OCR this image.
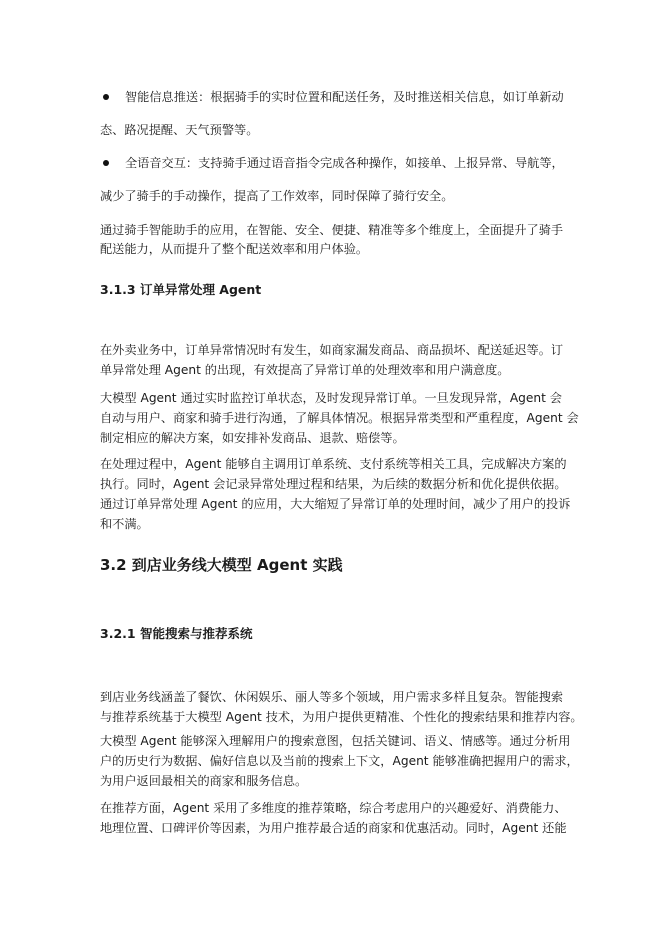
智能信息推送：根据骑手的实时位置和配送任务，及时推送相关信息，如订单新动
态、路况提醒、天气预警等。
全语音交互：支持骑手通过语音指令完成各种操作，如接单、上报异常、导航等，
减少了骑手的手动操作，提高了工作效率，同时保障了骑行安全。
通过骑手智能助手的应用，在智能、安全、便捷、精准等多个维度上，全面提升了骑手
配送能力，从而提升了整个配送效率和用户体验。
3.1.3 订单异常处理 Agent
在外卖业务中，订单异常情况时有发生，如商家漏发商品、商品损坏、配送延迟等。订
单异常处理 Agent 的出现，有效提高了异常订单的处理效率和用户满意度。
大模型 Agent 通过实时监控订单状态，及时发现异常订单。一旦发现异常，Agent 会
自动与用户、商家和骑手进行沟通，了解具体情况。根据异常类型和严重程度，Agent 会
制定相应的解决方案，如安排补发商品、退款、赔偿等。
在处理过程中，Agent 能够自主调用订单系统、支付系统等相关工具，完成解决方案的
执行。同时，Agent 会记录异常处理过程和结果，为后续的数据分析和优化提供依据。
通过订单异常处理 Agent 的应用，大大缩短了异常订单的处理时间，减少了用户的投诉
和不满。
3.2 到店业务线大模型 Agent 实践
3.2.1 智能搜索与推荐系统
到店业务线涵盖了餐饮、休闲娱乐、丽人等多个领域，用户需求多样且复杂。智能搜索
与推荐系统基于大模型 Agent 技术，为用户提供更精准、个性化的搜索结果和推荐内容。
大模型 Agent 能够深入理解用户的搜索意图，包括关键词、语义、情感等。通过分析用
户的历史行为数据、偏好信息以及当前的搜索上下文，Agent 能够准确把握用户的需求，
为用户返回最相关的商家和服务信息。
在推荐方面，Agent 采用了多维度的推荐策略，综合考虑用户的兴趣爱好、消费能力、
地理位置、口碑评价等因素，为用户推荐最合适的商家和优惠活动。同时，Agent 还能
